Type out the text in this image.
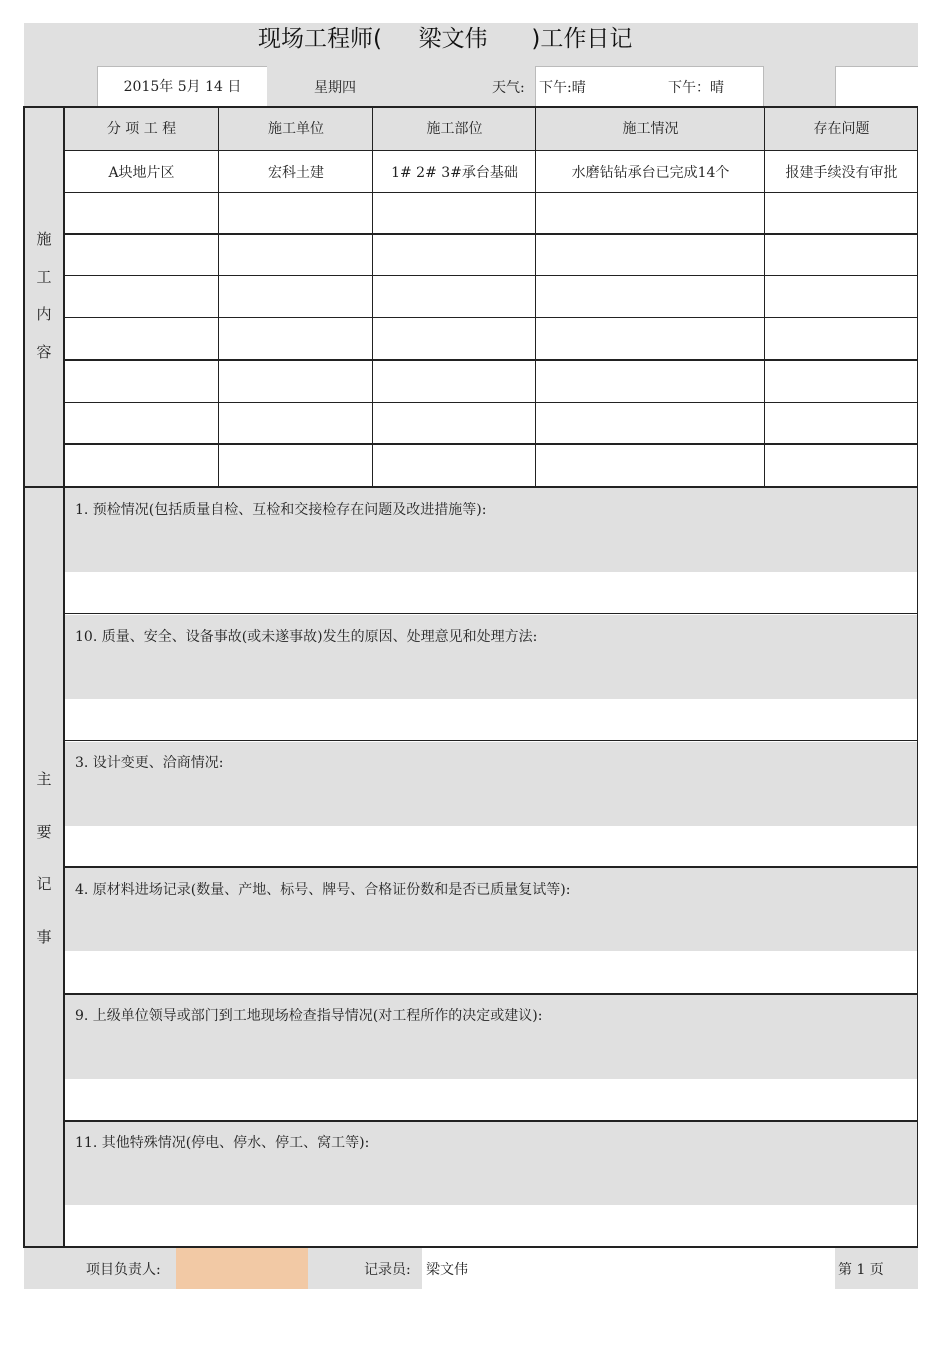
现场工程师(     梁文伟      )工作日记
2015年 5月 14 日	星期四	天气: 下午:晴	下午：晴
施
工
内
容
分 项 工 程	施工单位	施工部位	施工情况	存在问题
A块地片区	宏科土建	1# 2# 3#承台基础	水磨钻钻承台已完成14个	报建手续没有审批
主
要
记
事
1. 预检情况(包括质量自检、互检和交接检存在问题及改进措施等):
10. 质量、安全、设备事故(或未遂事故)发生的原因、处理意见和处理方法:
3. 设计变更、洽商情况:
4. 原材料进场记录(数量、产地、标号、牌号、合格证份数和是否已质量复试等):
9. 上级单位领导或部门到工地现场检查指导情况(对工程所作的决定或建议):
11. 其他特殊情况(停电、停水、停工、窝工等):
项目负责人:	记录员: 梁文伟	第 1 页
